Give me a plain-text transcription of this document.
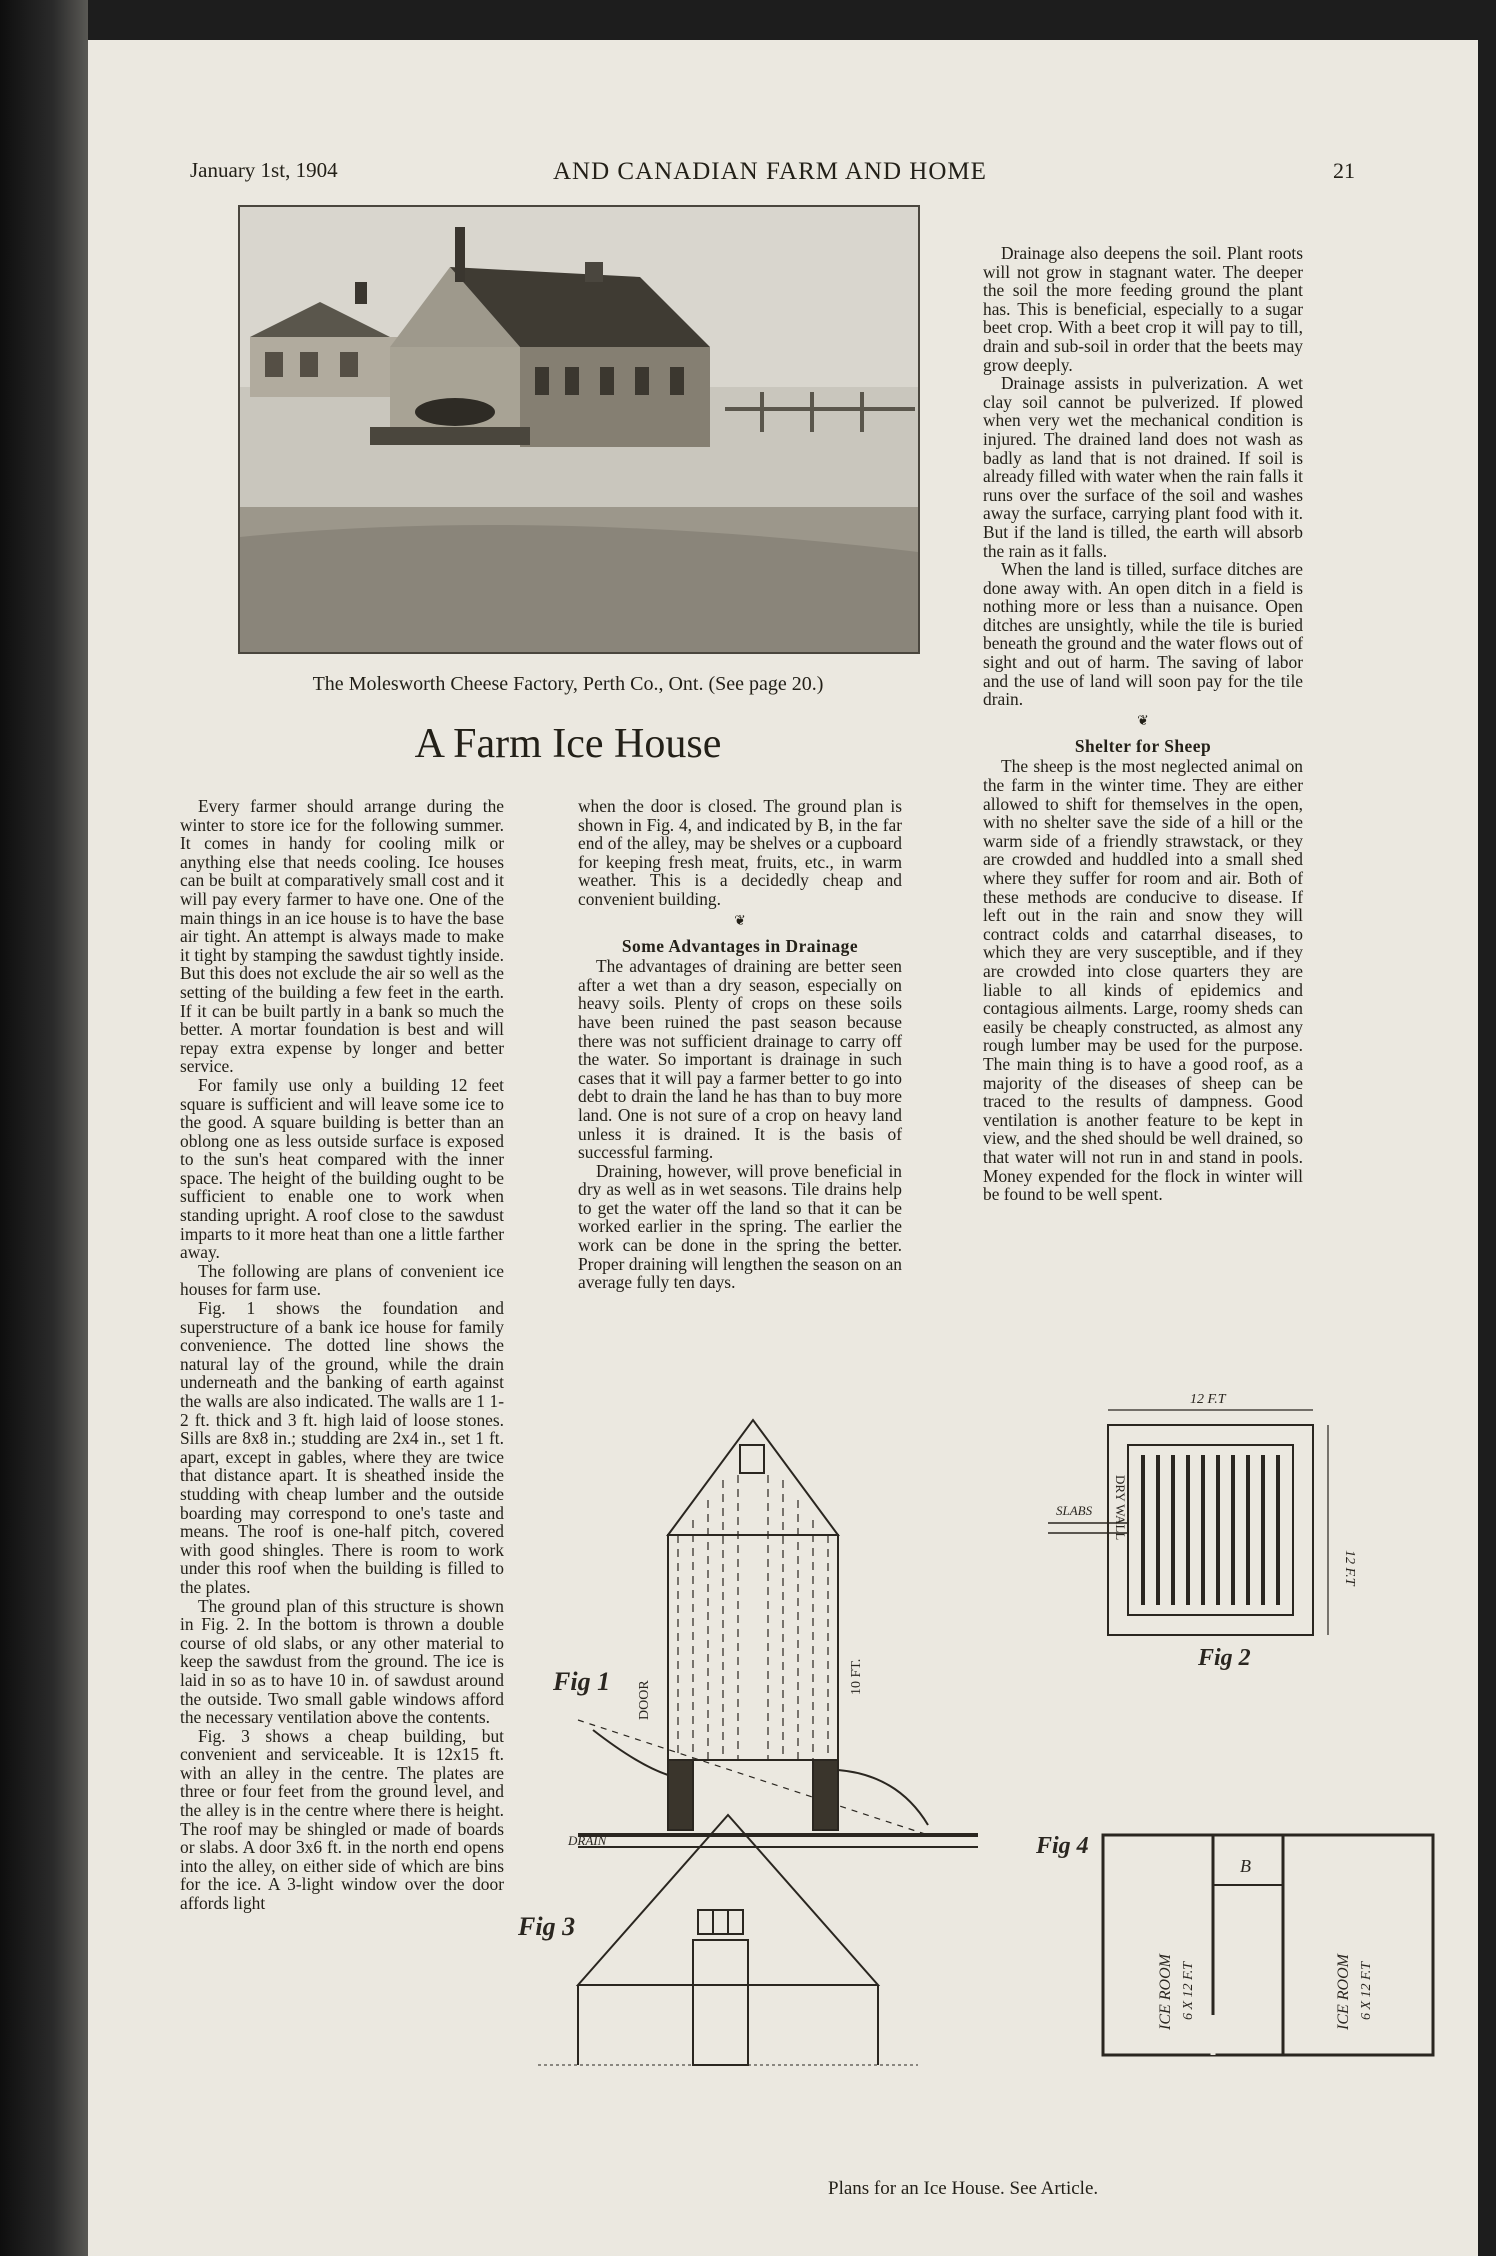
January 1st, 1904	AND CANADIAN FARM AND HOME	21
The Molesworth Cheese Factory, Perth Co., Ont. (See page 20.)
A Farm Ice House

Every farmer should arrange during the winter to store ice for the following summer. It comes in handy for cooling milk or anything else that needs cooling. Ice houses can be built at comparatively small cost and it will pay every farmer to have one. One of the main things in an ice house is to have the base air tight. An attempt is always made to make it tight by stamping the sawdust tightly inside. But this does not exclude the air so well as the setting of the building a few feet in the earth. If it can be built partly in a bank so much the better. A mortar foundation is best and will repay extra expense by longer and better service.

For family use only a building 12 feet square is sufficient and will leave some ice to the good. A square building is better than an oblong one as less outside surface is exposed to the sun's heat compared with the inner space. The height of the building ought to be sufficient to enable one to work when standing upright. A roof close to the sawdust imparts to it more heat than one a little farther away.

The following are plans of convenient ice houses for farm use.

Fig. 1 shows the foundation and superstructure of a bank ice house for family convenience. The dotted line shows the natural lay of the ground, while the drain underneath and the banking of earth against the walls are also indicated. The walls are 1 1-2 ft. thick and 3 ft. high laid of loose stones. Sills are 8x8 in.; studding are 2x4 in., set 1 ft. apart, except in gables, where they are twice that distance apart. It is sheathed inside the studding with cheap lumber and the outside boarding may correspond to one's taste and means. The roof is one-half pitch, covered with good shingles. There is room to work under this roof when the building is filled to the plates.

The ground plan of this structure is shown in Fig. 2. In the bottom is thrown a double course of old slabs, or any other material to keep the sawdust from the ground. The ice is laid in so as to have 10 in. of sawdust around the outside. Two small gable windows afford the necessary ventilation above the contents.

Fig. 3 shows a cheap building, but convenient and serviceable. It is 12x15 ft. with an alley in the centre. The plates are three or four feet from the ground level, and the alley is in the centre where there is height. The roof may be shingled or made of boards or slabs. A door 3x6 ft. in the north end opens into the alley, on either side of which are bins for the ice. A 3-light window over the door affords light

when the door is closed. The ground plan is shown in Fig. 4, and indicated by B, in the far end of the alley, may be shelves or a cupboard for keeping fresh meat, fruits, etc., in warm weather. This is a decidedly cheap and convenient building.

❦
Some Advantages in Drainage

The advantages of draining are better seen after a wet than a dry season, especially on heavy soils. Plenty of crops on these soils have been ruined the past season because there was not sufficient drainage to carry off the water. So important is drainage in such cases that it will pay a farmer better to go into debt to drain the land he has than to buy more land. One is not sure of a crop on heavy land unless it is drained. It is the basis of successful farming.

Draining, however, will prove beneficial in dry as well as in wet seasons. Tile drains help to get the water off the land so that it can be worked earlier in the spring. The earlier the work can be done in the spring the better. Proper draining will lengthen the season on an average fully ten days.

Drainage also deepens the soil. Plant roots will not grow in stagnant water. The deeper the soil the more feeding ground the plant has. This is beneficial, especially to a sugar beet crop. With a beet crop it will pay to till, drain and sub-soil in order that the beets may grow deeply.

Drainage assists in pulverization. A wet clay soil cannot be pulverized. If plowed when very wet the mechanical condition is injured. The drained land does not wash as badly as land that is not drained. If soil is already filled with water when the rain falls it runs over the surface of the soil and washes away the surface, carrying plant food with it. But if the land is tilled, the earth will absorb the rain as it falls.

When the land is tilled, surface ditches are done away with. An open ditch in a field is nothing more or less than a nuisance. Open ditches are unsightly, while the tile is buried beneath the ground and the water flows out of sight and out of harm. The saving of labor and the use of land will soon pay for the tile drain.

❦
Shelter for Sheep

The sheep is the most neglected animal on the farm in the winter time. They are either allowed to shift for themselves in the open, with no shelter save the side of a hill or the warm side of a friendly strawstack, or they are crowded and huddled into a small shed where they suffer for room and air. Both of these methods are conducive to disease. If left out in the rain and snow they will contract colds and catarrhal diseases, to which they are very susceptible, and if they are crowded into close quarters they are liable to all kinds of epidemics and contagious ailments. Large, roomy sheds can easily be cheaply constructed, as almost any rough lumber may be used for the purpose. The main thing is to have a good roof, as a majority of the diseases of sheep can be traced to the results of dampness. Good ventilation is another feature to be kept in view, and the shed should be well drained, so that water will not run in and stand in pools. Money expended for the flock in winter will be found to be well spent.

Fig 1 DOOR
10 FT.
DRAIN
Fig 2
12 F.T
12 F.T
DRY WALL
SLABS
Fig 3
Fig 4
B
ICE ROOM 6 X 12 F.T	ICE ROOM 6 X 12 F.T
Plans for an Ice House. See Article.
